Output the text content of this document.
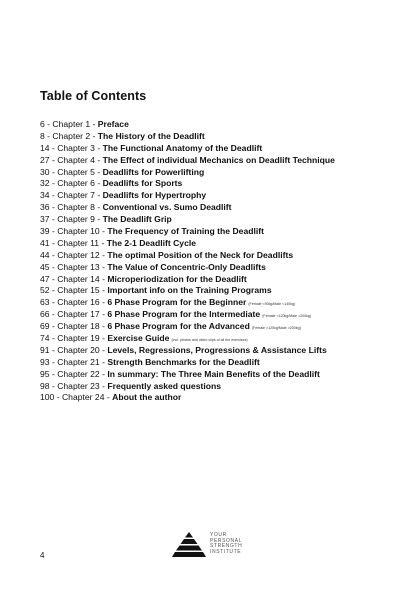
Table of Contents
6 - Chapter 1 - Preface
8 - Chapter 2 - The History of the Deadlift
14 - Chapter 3 - The Functional Anatomy of the Deadlift
27 - Chapter 4 - The Effect of individual Mechanics on Deadlift Technique
30 - Chapter 5 - Deadlifts for Powerlifting
32 - Chapter 6 - Deadlifts for Sports
34 - Chapter 7 - Deadlifts for Hypertrophy
36 - Chapter 8 - Conventional vs. Sumo Deadlift
37 - Chapter 9 - The Deadlift Grip
39 - Chapter 10 - The Frequency of Training the Deadlift
41 - Chapter 11 - The 2-1 Deadlift Cycle
44 - Chapter 12 - The optimal Position of the Neck for Deadlifts
45 - Chapter 13 - The Value of Concentric-Only Deadlifts
47 - Chapter 14 - Microperiodization for the Deadlift
52 - Chapter 15 - Important info on the Training Programs
63 - Chapter 16 - 6 Phase Program for the Beginner (Female <90kg/Male <140kg)
66 - Chapter 17 - 6 Phase Program for the Intermediate (Female <120kg/Male <200kg)
69 - Chapter 18 - 6 Phase Program for the Advanced (Female >120kg/Male >200kg)
74 - Chapter 19 - Exercise Guide (incl. photos and video clips of all the exercises)
91 - Chapter 20 - Levels, Regressions, Progressions & Assistance Lifts
93 - Chapter 21 - Strength Benchmarks for the Deadlift
95 - Chapter 22 - In summary: The Three Main Benefits of the Deadlift
98 - Chapter 23 - Frequently asked questions
100 - Chapter 24 - About the author
YOUR
PERSONAL
STRENGTH
INSTITUTE
4
